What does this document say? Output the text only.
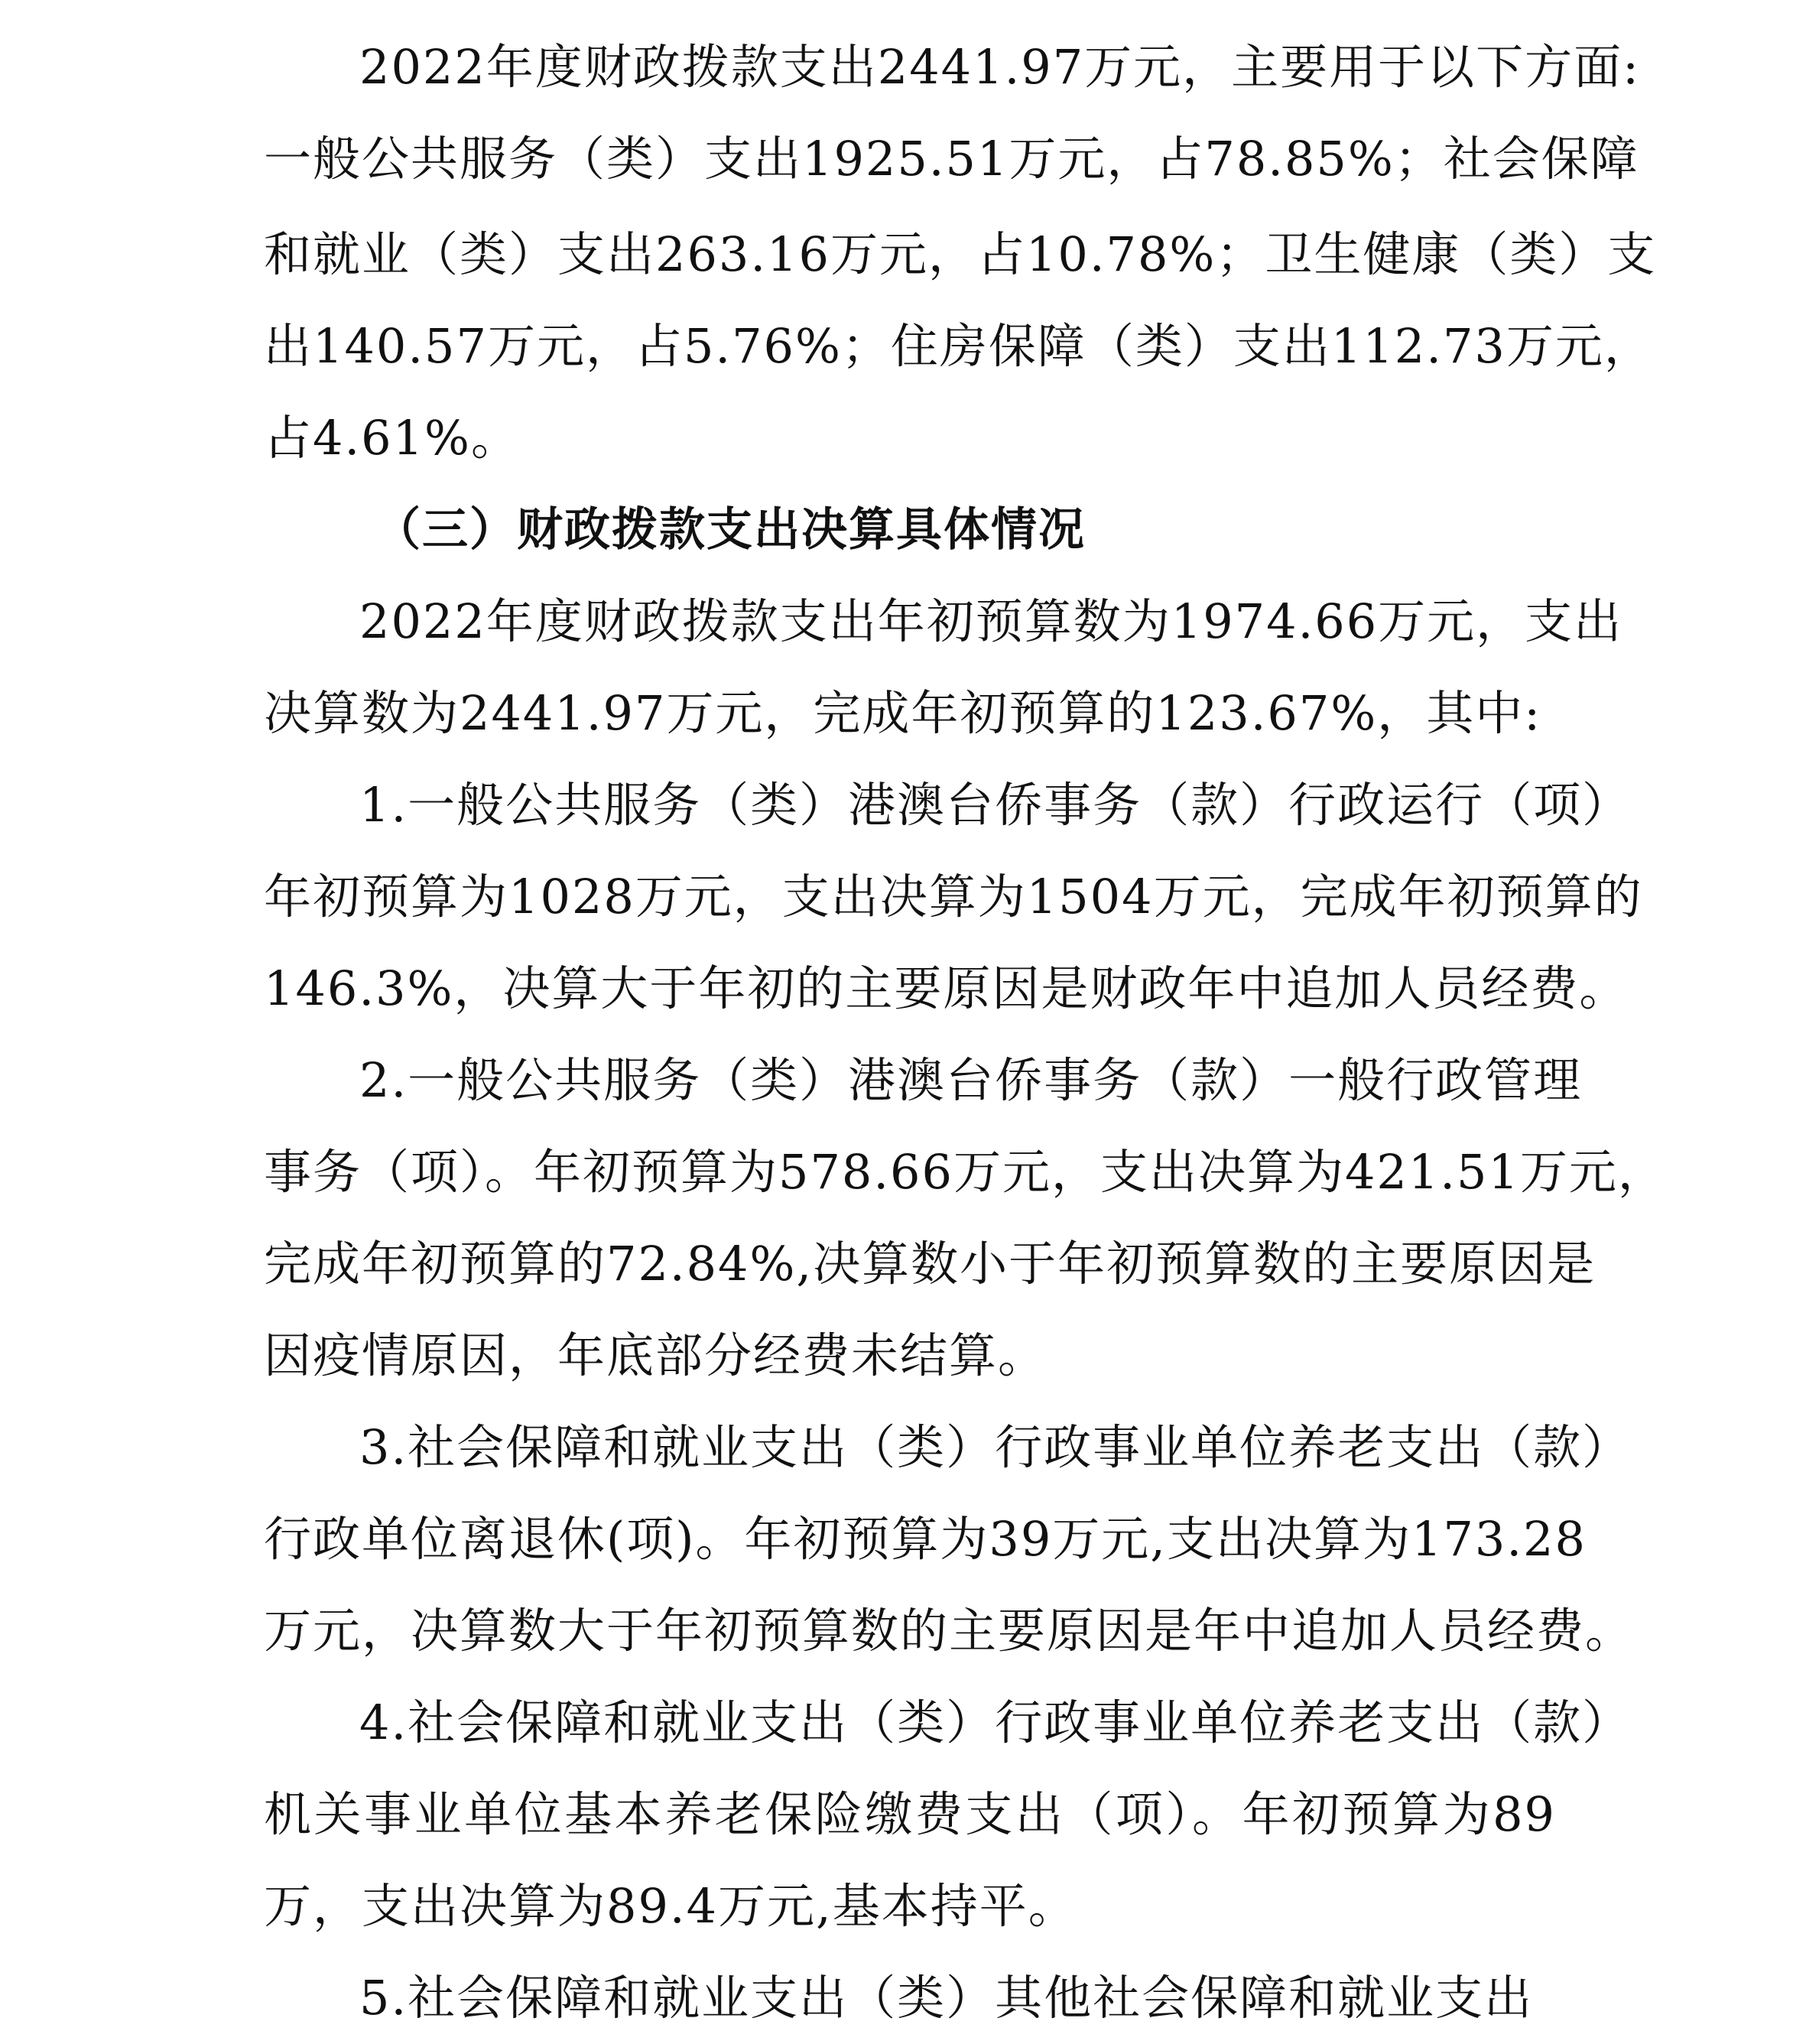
2022年度财政拨款支出2441.97万元，主要用于以下方面:
一般公共服务（类）支出1925.51万元，占78.85%；社会保障
和就业（类）支出263.16万元，占10.78%；卫生健康（类）支
出140.57万元，占5.76%；住房保障（类）支出112.73万元，
占4.61%。
（三）财政拨款支出决算具体情况
2022年度财政拨款支出年初预算数为1974.66万元，支出
决算数为2441.97万元，完成年初预算的123.67%，其中:
1.一般公共服务（类）港澳台侨事务（款）行政运行（项）
年初预算为1028万元，支出决算为1504万元，完成年初预算的
146.3%，决算大于年初的主要原因是财政年中追加人员经费。
2.一般公共服务（类）港澳台侨事务（款）一般行政管理
事务（项）。年初预算为578.66万元，支出决算为421.51万元，
完成年初预算的72.84%,决算数小于年初预算数的主要原因是
因疫情原因，年底部分经费未结算。
3.社会保障和就业支出（类）行政事业单位养老支出（款）
行政单位离退休(项)。年初预算为39万元,支出决算为173.28
万元，决算数大于年初预算数的主要原因是年中追加人员经费。
4.社会保障和就业支出（类）行政事业单位养老支出（款）
机关事业单位基本养老保险缴费支出（项）。年初预算为89
万，支出决算为89.4万元,基本持平。
5.社会保障和就业支出（类）其他社会保障和就业支出
